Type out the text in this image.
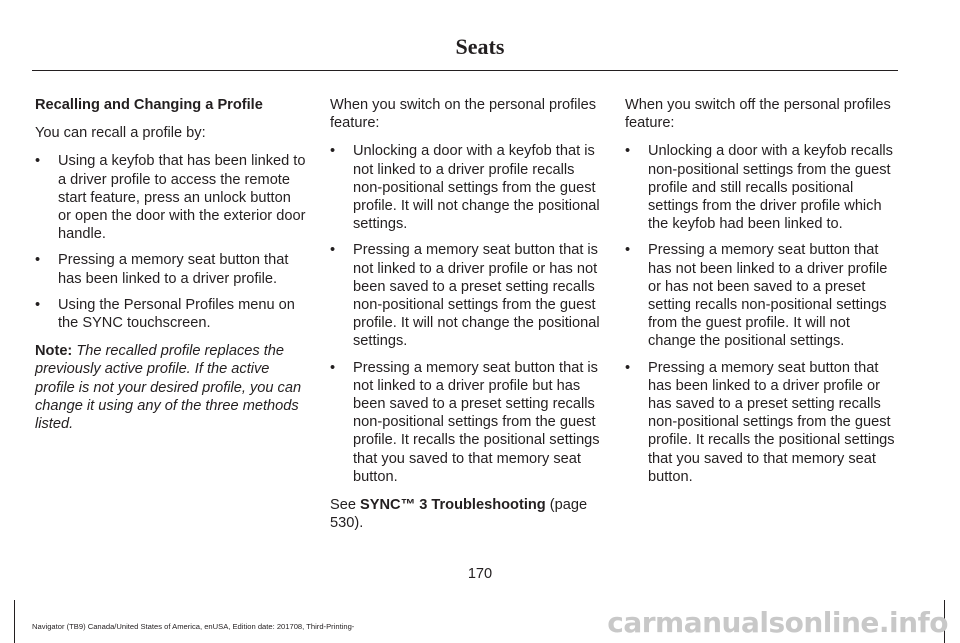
Seats

Recalling and Changing a Profile

You can recall a profile by:

• Using a keyfob that has been linked to a driver profile to access the remote start feature, press an unlock button or open the door with the exterior door handle.
• Pressing a memory seat button that has been linked to a driver profile.
• Using the Personal Profiles menu on the SYNC touchscreen.

Note: The recalled profile replaces the previously active profile. If the active profile is not your desired profile, you can change it using any of the three methods listed.

When you switch on the personal profiles feature:

• Unlocking a door with a keyfob that is not linked to a driver profile recalls non-positional settings from the guest profile. It will not change the positional settings.
• Pressing a memory seat button that is not linked to a driver profile or has not been saved to a preset setting recalls non-positional settings from the guest profile. It will not change the positional settings.
• Pressing a memory seat button that is not linked to a driver profile but has been saved to a preset setting recalls non-positional settings from the guest profile. It recalls the positional settings that you saved to that memory seat button.

See SYNC™ 3 Troubleshooting (page 530).

When you switch off the personal profiles feature:

• Unlocking a door with a keyfob recalls non-positional settings from the guest profile and still recalls positional settings from the driver profile which the keyfob had been linked to.
• Pressing a memory seat button that has not been linked to a driver profile or has not been saved to a preset setting recalls non-positional settings from the guest profile. It will not change the positional settings.
• Pressing a memory seat button that has been linked to a driver profile or has saved to a preset setting recalls non-positional settings from the guest profile. It recalls the positional settings that you saved to that memory seat button.
170
Navigator (TB9) Canada/United States of America, enUSA, Edition date: 201708, Third-Printing-	carmanualsonline.info
